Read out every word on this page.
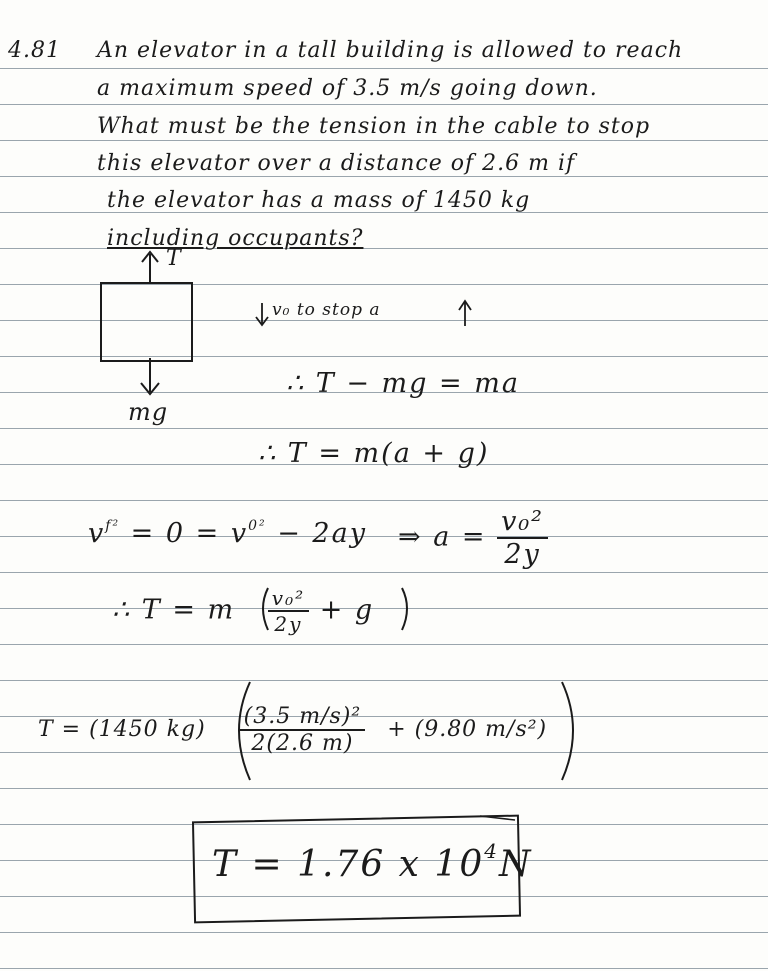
4.81 An elevator in a tall building is allowed to reach
a maximum speed of 3.5 m/s going down.
What must be the tension in the cable to stop
this elevator over a distance of 2.6 m if
the elevator has a mass of 1450 kg
including occupants?
T
mg
v₀ to stop a
∴ T − mg = ma
∴ T = m(a + g)
$v^{f^2} = 0 = v^{0^2} - 2ay$ ⇒ $a = \frac{\text{v₀²}}{2y}$
∴ T = m $\frac{\text{v₀²}}{2y} + g$
T = (1450 $kg) \frac{\text{(3.5 m/s)²}}{2(2.6 m)} + (9.80$ m/s²)
T = 1.76 x $10^4N$
